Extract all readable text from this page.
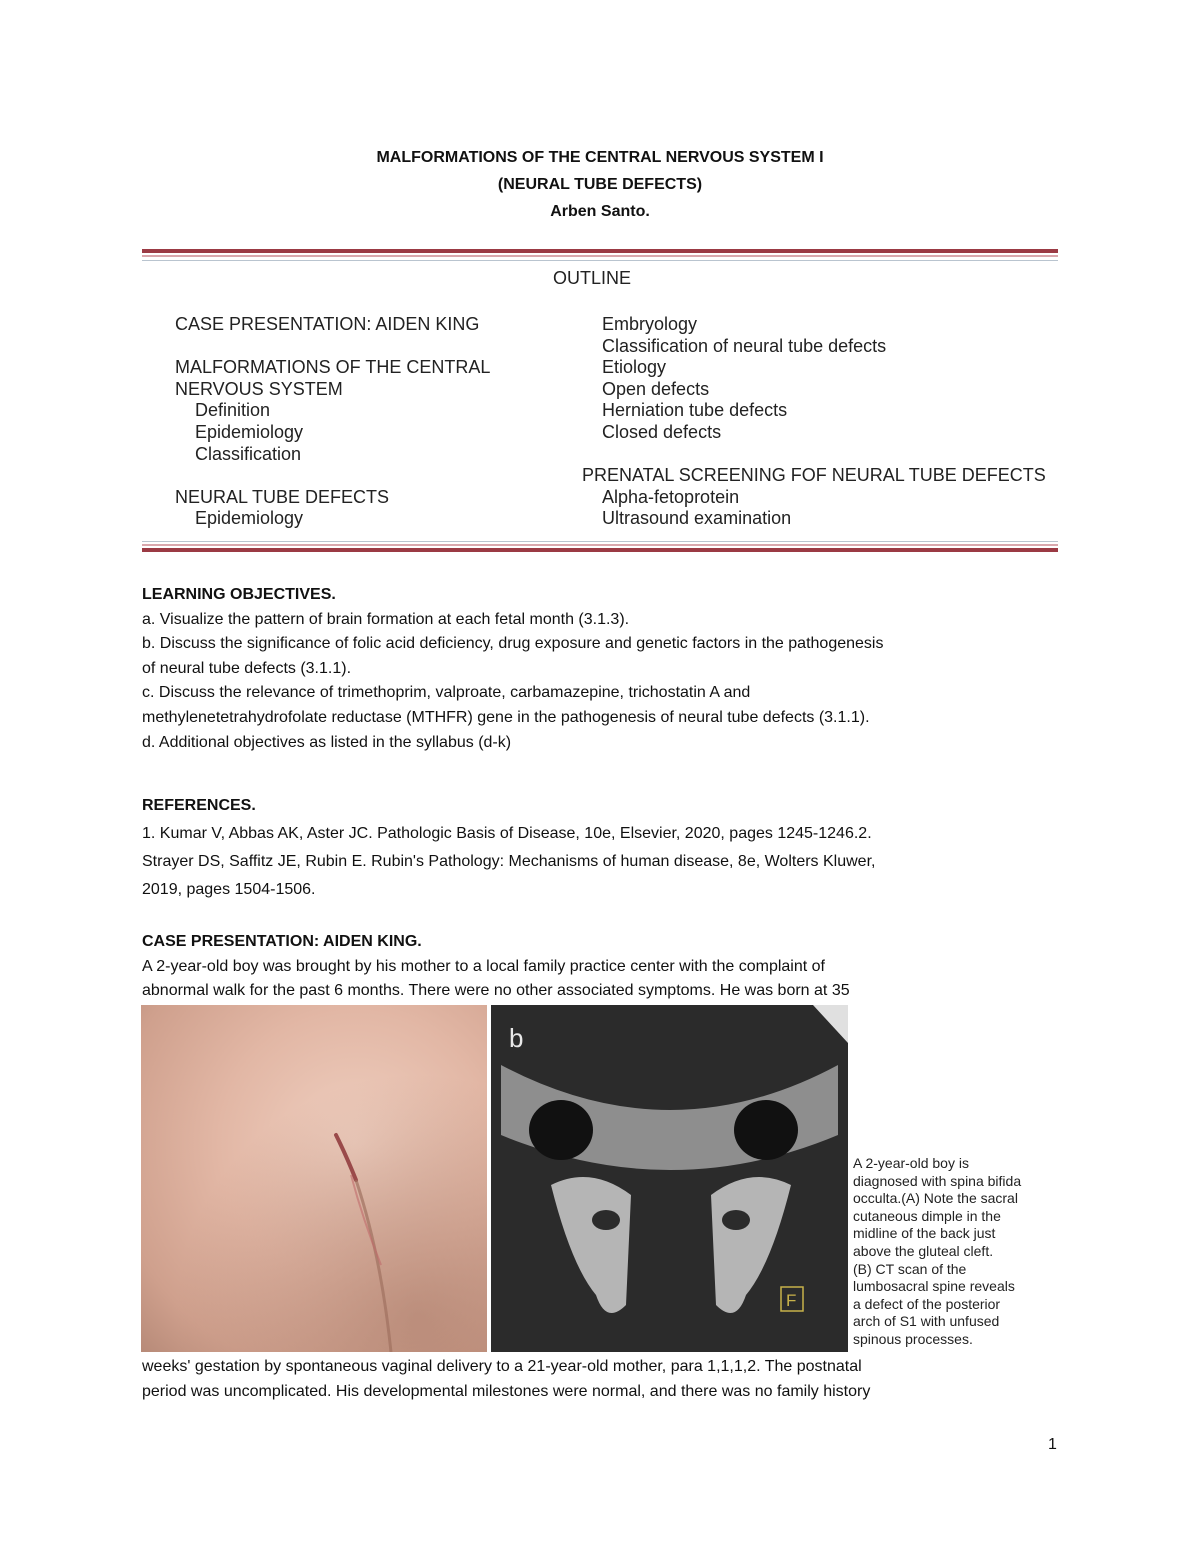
MALFORMATIONS OF THE CENTRAL NERVOUS SYSTEM I
(NEURAL TUBE DEFECTS)
Arben Santo.
OUTLINE
CASE PRESENTATION: AIDEN KING
MALFORMATIONS OF THE CENTRAL
NERVOUS SYSTEM
Definition
Epidemiology
Classification
NEURAL TUBE DEFECTS
Epidemiology
Embryology
Classification of neural tube defects
Etiology
Open defects
Herniation tube defects
Closed defects
PRENATAL SCREENING FOF NEURAL TUBE DEFECTS
Alpha-fetoprotein
Ultrasound examination
LEARNING OBJECTIVES.
a. Visualize the pattern of brain formation at each fetal month (3.1.3).
b. Discuss the significance of folic acid deficiency, drug exposure and genetic factors in the pathogenesis
of neural tube defects (3.1.1).
c. Discuss the relevance of trimethoprim, valproate, carbamazepine, trichostatin A and
methylenetetrahydrofolate reductase (MTHFR) gene in the pathogenesis of neural tube defects (3.1.1).
d. Additional objectives as listed in the syllabus (d-k)
REFERENCES.
1. Kumar V, Abbas AK, Aster JC. Pathologic Basis of Disease, 10e, Elsevier, 2020, pages 1245-1246.2.
Strayer DS, Saffitz JE, Rubin E. Rubin's Pathology: Mechanisms of human disease, 8e, Wolters Kluwer,
2019, pages 1504-1506.
CASE PRESENTATION: AIDEN KING.
A 2-year-old boy was brought by his mother to a local family practice center with the complaint of
abnormal walk for the past 6 months. There were no other associated symptoms. He was born at 35
b
F
A 2-year-old boy is
diagnosed with spina bifida
occulta.(A) Note the sacral
cutaneous dimple in the
midline of the back just
above the gluteal cleft.
(B) CT scan of the
lumbosacral spine reveals
a defect of the posterior
arch of S1 with unfused
spinous processes.
weeks' gestation by spontaneous vaginal delivery to a 21-year-old mother, para 1,1,1,2. The postnatal
period was uncomplicated. His developmental milestones were normal, and there was no family history
1
